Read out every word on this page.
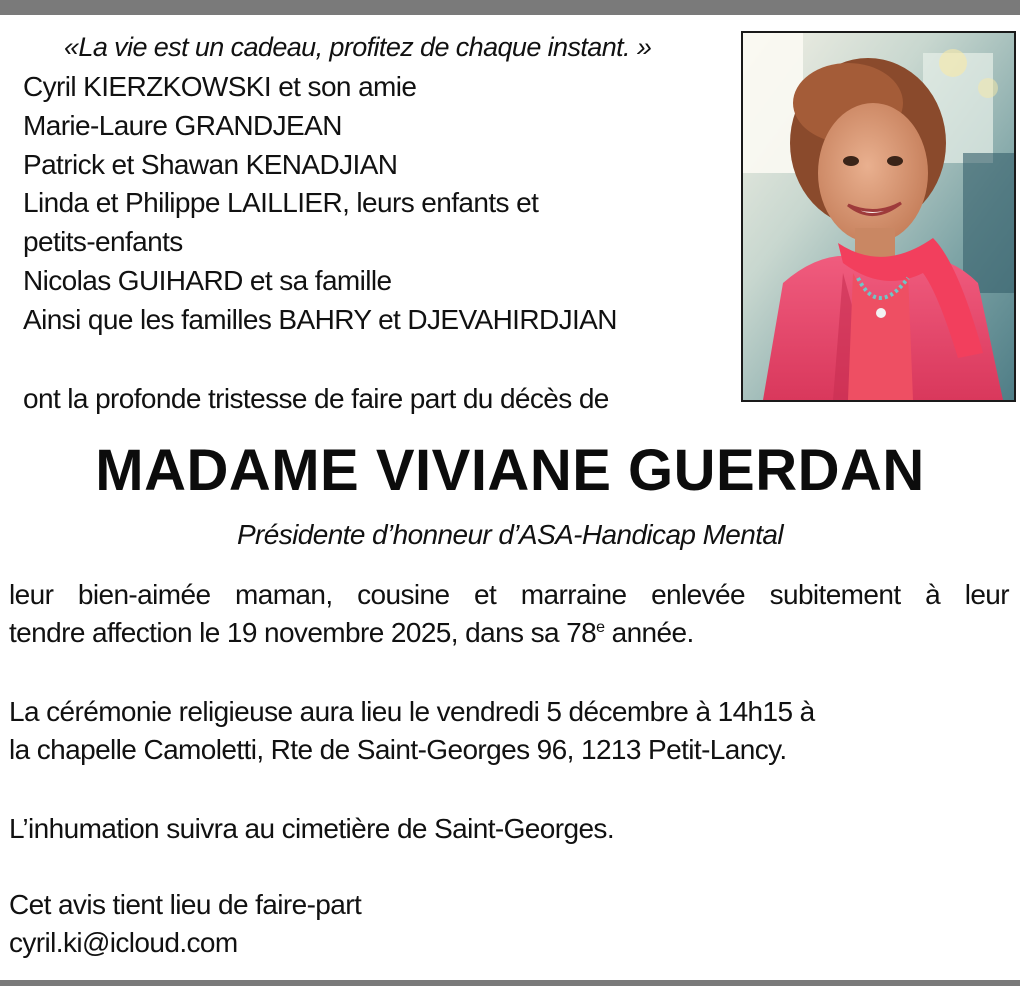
«La vie est un cadeau, profitez de chaque instant. »
Cyril KIERZKOWSKI et son amie
Marie-Laure GRANDJEAN
Patrick et Shawan KENADJIAN
Linda et Philippe LAILLIER, leurs enfants et
petits-enfants
Nicolas GUIHARD et sa famille
Ainsi que les familles BAHRY et DJEVAHIRDJIAN
ont la profonde tristesse de faire part du décès de
MADAME VIVIANE GUERDAN
Présidente d’honneur d’ASA-Handicap Mental
leur bien-aimée maman, cousine et marraine enlevée subitement à leur
tendre affection le 19 novembre 2025, dans sa 78e année.
La cérémonie religieuse aura lieu le vendredi 5 décembre à 14h15 à
la chapelle Camoletti, Rte de Saint-Georges 96, 1213 Petit-Lancy.
L’inhumation suivra au cimetière de Saint-Georges.
Cet avis tient lieu de faire-part
cyril.ki@icloud.com
